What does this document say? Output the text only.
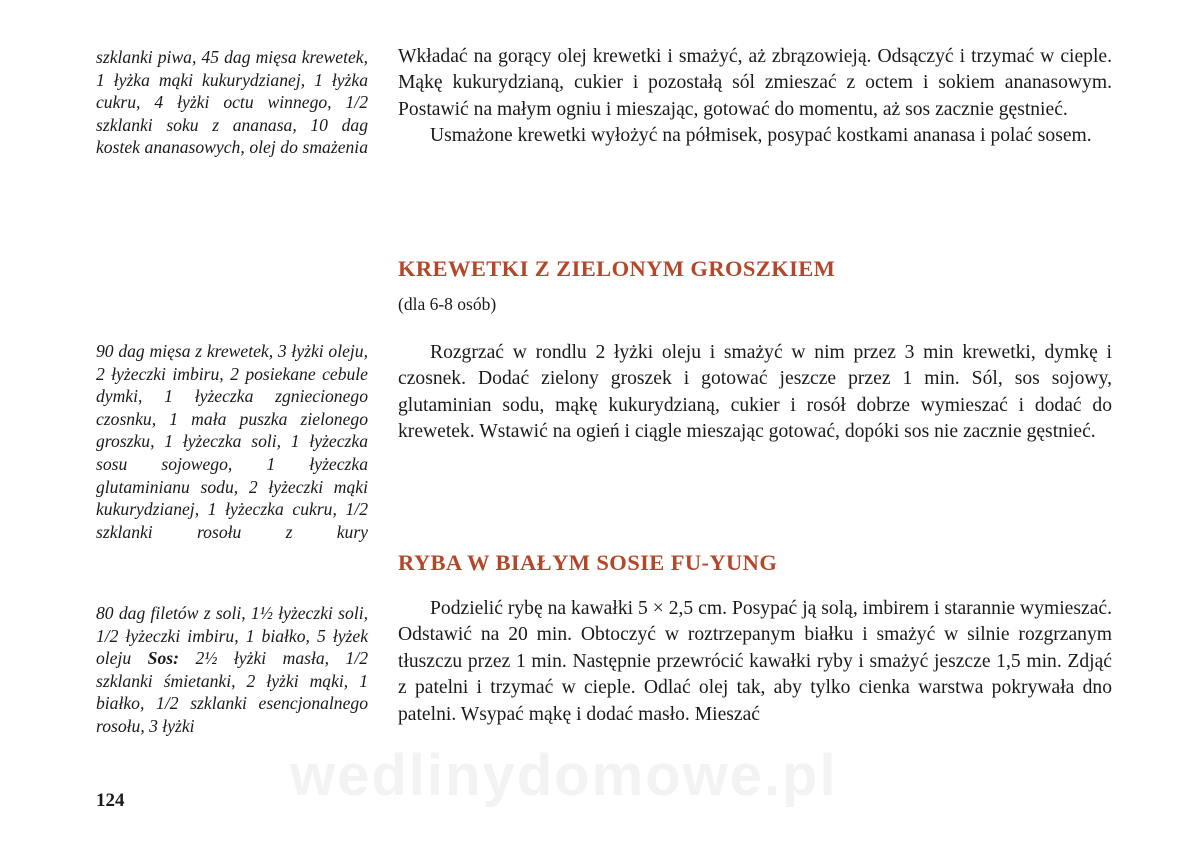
wedlinydomowe.pl

szklanki piwa, 45 dag mięsa krewetek, 1 łyżka mąki kukurydzianej, 1 łyżka cukru, 4 łyżki octu winnego, 1/2 szklanki soku z ananasa, 10 dag kostek ananasowych, olej do smażenia

90 dag mięsa z krewetek, 3 łyżki oleju, 2 łyżeczki imbiru, 2 posiekane cebule dymki, 1 łyżeczka zgniecionego czosnku, 1 mała puszka zielonego groszku, 1 łyżeczka soli, 1 łyżeczka sosu sojowego, 1 łyżeczka glutaminianu sodu, 2 łyżeczki mąki kukurydzianej, 1 łyżeczka cukru, 1/2 szklanki rosołu z kury

80 dag filetów z soli, 1½ łyżeczki soli, 1/2 łyżeczki imbiru, 1 białko, 5 łyżek oleju Sos: 2½ łyżki masła, 1/2 szklanki śmietanki, 2 łyżki mąki, 1 białko, 1/2 szklanki esencjonalnego rosołu, 3 łyżki

Wkładać na gorący olej krewetki i smażyć, aż zbrązowieją. Odsączyć i trzymać w cieple. Mąkę kukurydzianą, cukier i pozostałą sól zmieszać z octem i sokiem ananasowym. Postawić na małym ogniu i mieszając, gotować do momentu, aż sos zacznie gęstnieć.

Usmażone krewetki wyłożyć na półmisek, posypać kostkami ananasa i polać sosem.

KREWETKI Z ZIELONYM GROSZKIEM

(dla 6-8 osób)

Rozgrzać w rondlu 2 łyżki oleju i smażyć w nim przez 3 min krewetki, dymkę i czosnek. Dodać zielony groszek i gotować jeszcze przez 1 min. Sól, sos sojowy, glutaminian sodu, mąkę kukurydzianą, cukier i rosół dobrze wymieszać i dodać do krewetek. Wstawić na ogień i ciągle mieszając gotować, dopóki sos nie zacznie gęstnieć.

RYBA W BIAŁYM SOSIE FU-YUNG

Podzielić rybę na kawałki 5 × 2,5 cm. Posypać ją solą, imbirem i starannie wymieszać. Odstawić na 20 min. Obtoczyć w roztrzepanym białku i smażyć w silnie rozgrzanym tłuszczu przez 1 min. Następnie przewrócić kawałki ryby i smażyć jeszcze 1,5 min. Zdjąć z patelni i trzymać w cieple. Odlać olej tak, aby tylko cienka warstwa pokrywała dno patelni. Wsypać mąkę i dodać masło. Mieszać

124
